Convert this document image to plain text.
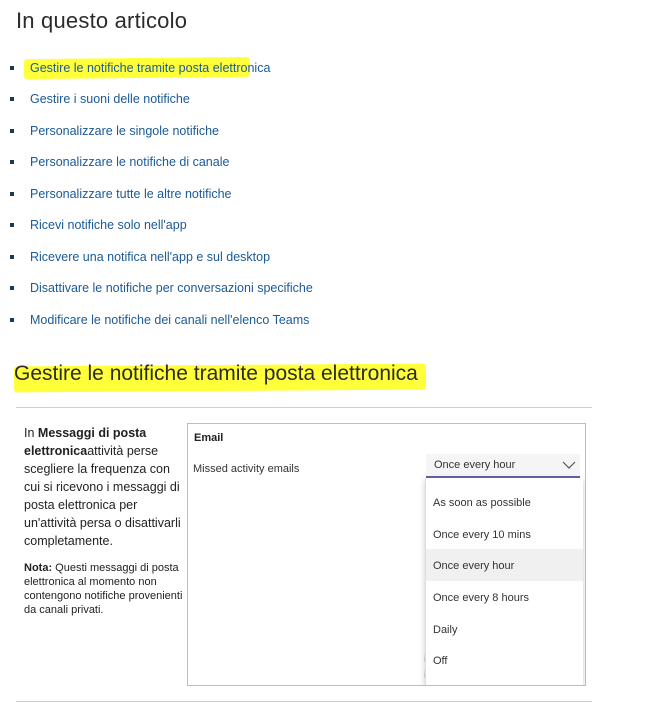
In questo articolo
Gestire le notifiche tramite posta elettronica
Gestire i suoni delle notifiche
Personalizzare le singole notifiche
Personalizzare le notifiche di canale
Personalizzare tutte le altre notifiche
Ricevi notifiche solo nell'app
Ricevere una notifica nell'app e sul desktop
Disattivare le notifiche per conversazioni specifiche
Modificare le notifiche dei canali nell'elenco Teams
Gestire le notifiche tramite posta elettronica

In Messaggi di posta elettronicaattività perse scegliere la frequenza con cui si ricevono i messaggi di posta elettronica per un'attività persa o disattivarli completamente.

Nota: Questi messaggi di posta elettronica al momento non contengono notifiche provenienti da canali privati.

Email
Missed activity emails	Once every hour
As soon as possible
Once every 10 mins
Once every hour
Once every 8 hours
Daily
Off
